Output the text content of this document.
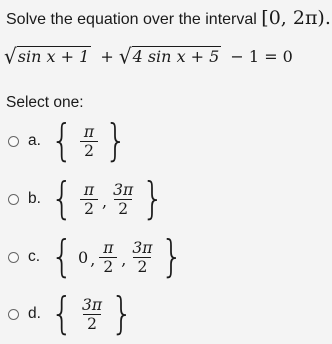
Solve the equation over the interval [0, 2π).
√ sin x + 1 + √ 4 sin x + 5 − 1 = 0
Select one:
a. { $\frac{\pi}{2}$ }
b. { $\frac{\pi}{2}$ , $\frac{3\pi}{2}$ }
c. { 0 , $\frac{\pi}{2}$ , $\frac{3\pi}{2}$ }
d. { $\frac{3\pi}{2}$ }
